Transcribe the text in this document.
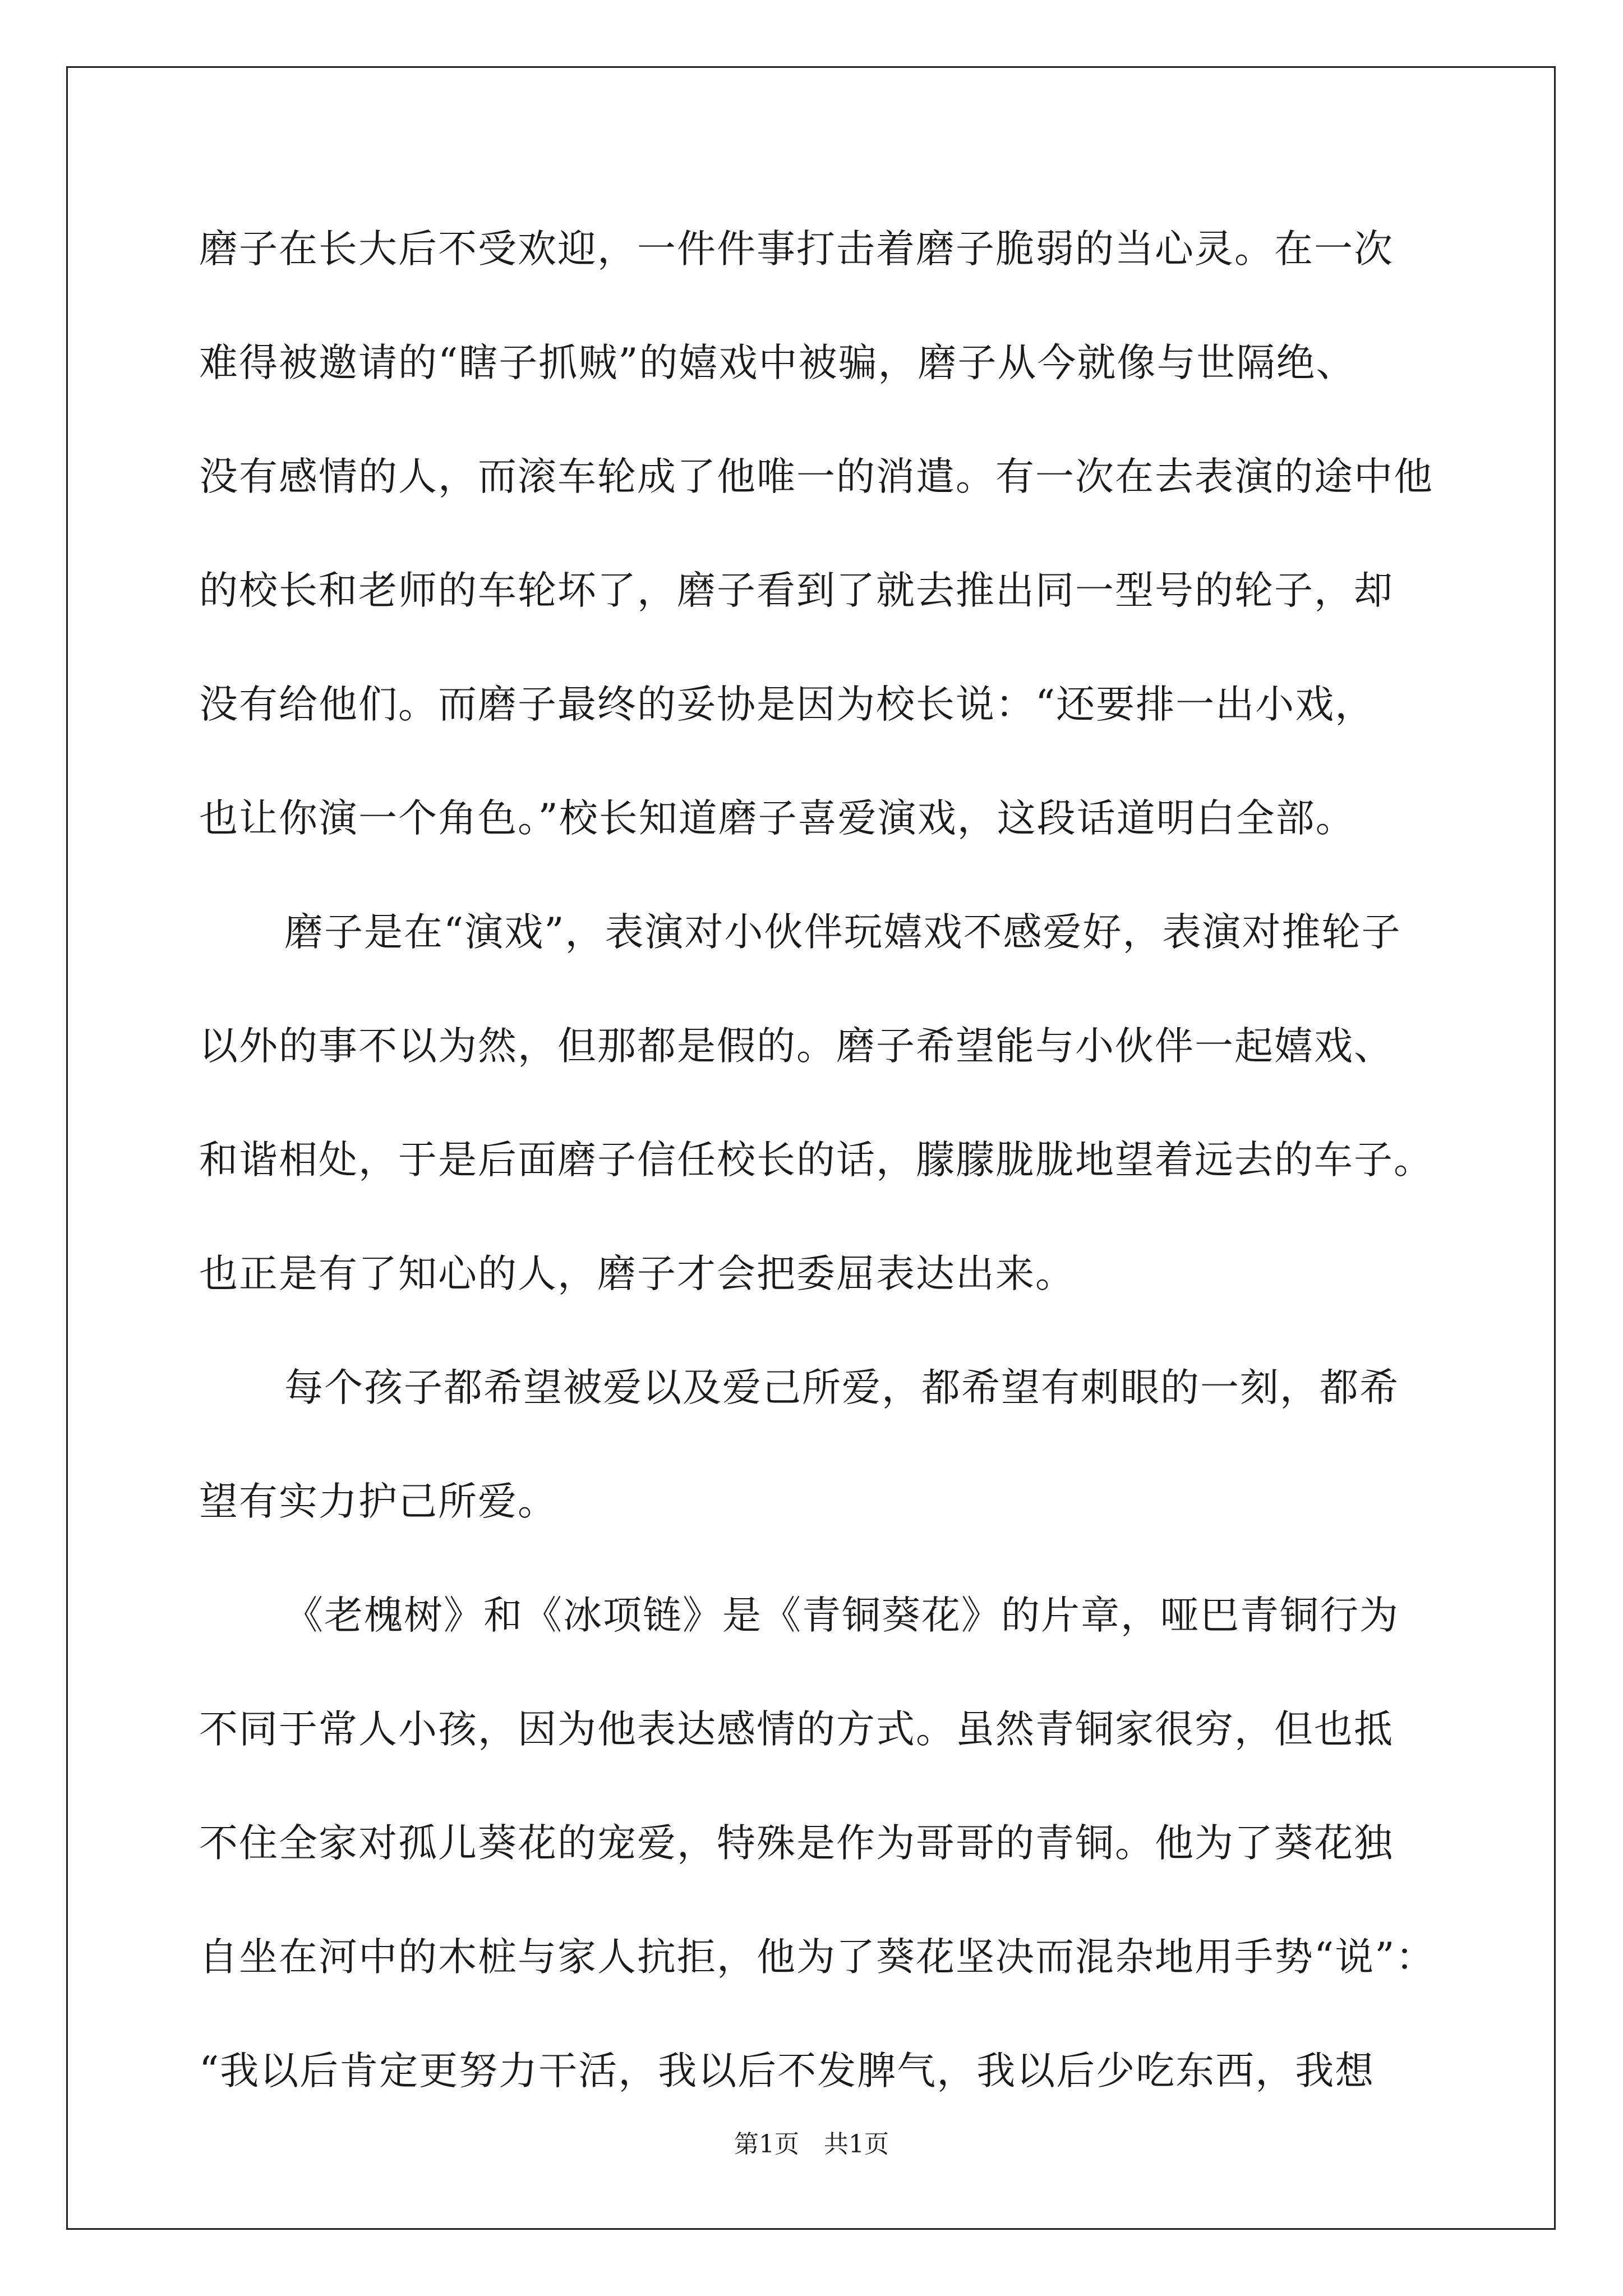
磨子在长大后不受欢迎，一件件事打击着磨子脆弱的当心灵。在一次
难得被邀请的“瞎子抓贼”的嬉戏中被骗，磨子从今就像与世隔绝、
没有感情的人，而滚车轮成了他唯一的消遣。有一次在去表演的途中他
的校长和老师的车轮坏了，磨子看到了就去推出同一型号的轮子，却
没有给他们。而磨子最终的妥协是因为校长说：“还要排一出小戏，
也让你演一个角色。”校长知道磨子喜爱演戏，这段话道明白全部。
磨子是在“演戏”，表演对小伙伴玩嬉戏不感爱好，表演对推轮子
以外的事不以为然，但那都是假的。磨子希望能与小伙伴一起嬉戏、
和谐相处，于是后面磨子信任校长的话，朦朦胧胧地望着远去的车子。
也正是有了知心的人，磨子才会把委屈表达出来。
每个孩子都希望被爱以及爱己所爱，都希望有刺眼的一刻，都希
望有实力护己所爱。
《老槐树》和《冰项链》是《青铜葵花》的片章，哑巴青铜行为
不同于常人小孩，因为他表达感情的方式。虽然青铜家很穷，但也抵
不住全家对孤儿葵花的宠爱，特殊是作为哥哥的青铜。他为了葵花独
自坐在河中的木桩与家人抗拒，他为了葵花坚决而混杂地用手势“说”：
“我以后肯定更努力干活，我以后不发脾气，我以后少吃东西，我想
第1页　共1页
